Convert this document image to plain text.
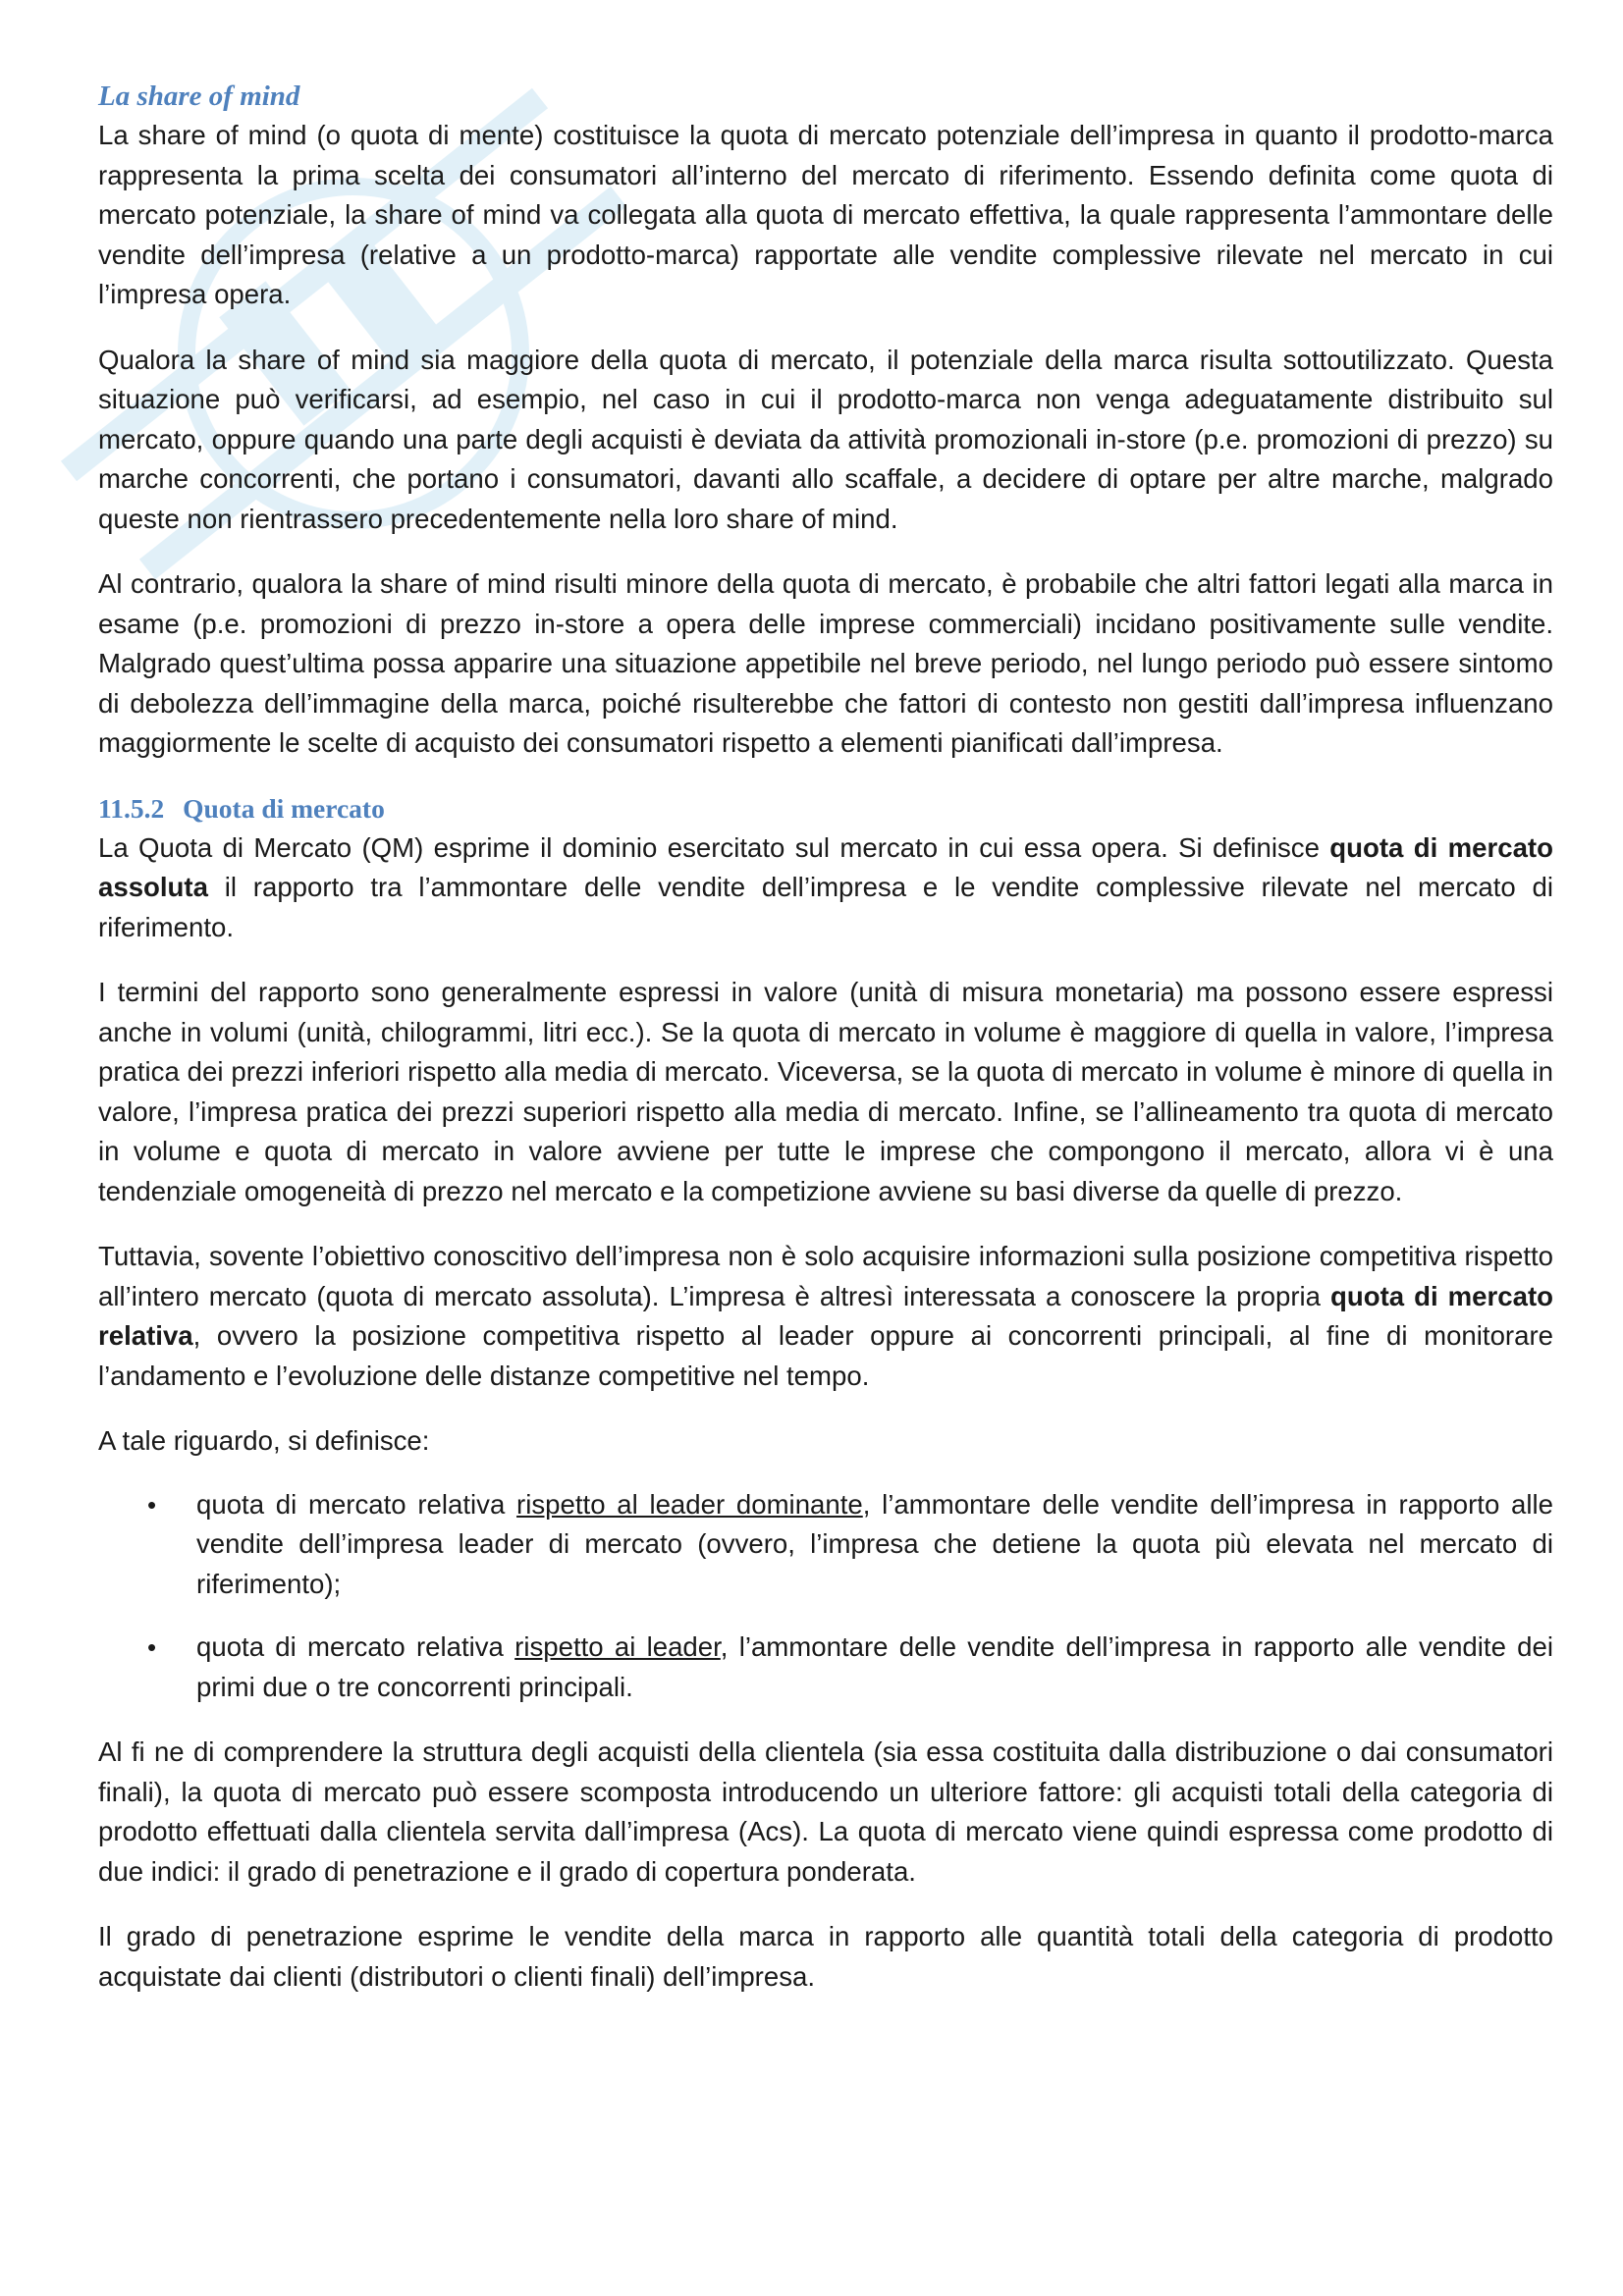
La share of mind

La share of mind (o quota di mente) costituisce la quota di mercato potenziale dell’impresa in quanto il prodotto-marca rappresenta la prima scelta dei consumatori all’interno del mercato di riferimento. Essendo definita come quota di mercato potenziale, la share of mind va collegata alla quota di mercato effettiva, la quale rappresenta l’ammontare delle vendite dell’impresa (relative a un prodotto-marca) rapportate alle vendite complessive rilevate nel mercato in cui l’impresa opera.

Qualora la share of mind sia maggiore della quota di mercato, il potenziale della marca risulta sottoutilizzato. Questa situazione può verificarsi, ad esempio, nel caso in cui il prodotto-marca non venga adeguatamente distribuito sul mercato, oppure quando una parte degli acquisti è deviata da attività promozionali in-store (p.e. promozioni di prezzo) su marche concorrenti, che portano i consumatori, davanti allo scaffale, a decidere di optare per altre marche, malgrado queste non rientrassero precedentemente nella loro share of mind.

Al contrario, qualora la share of mind risulti minore della quota di mercato, è probabile che altri fattori legati alla marca in esame (p.e. promozioni di prezzo in-store a opera delle imprese commerciali) incidano positivamente sulle vendite. Malgrado quest’ultima possa apparire una situazione appetibile nel breve periodo, nel lungo periodo può essere sintomo di debolezza dell’immagine della marca, poiché risulterebbe che fattori di contesto non gestiti dall’impresa influenzano maggiormente le scelte di acquisto dei consumatori rispetto a elementi pianificati dall’impresa.

11.5.2 Quota di mercato

La Quota di Mercato (QM) esprime il dominio esercitato sul mercato in cui essa opera. Si definisce quota di mercato assoluta il rapporto tra l’ammontare delle vendite dell’impresa e le vendite complessive rilevate nel mercato di riferimento.

I termini del rapporto sono generalmente espressi in valore (unità di misura monetaria) ma possono essere espressi anche in volumi (unità, chilogrammi, litri ecc.). Se la quota di mercato in volume è maggiore di quella in valore, l’impresa pratica dei prezzi inferiori rispetto alla media di mercato. Viceversa, se la quota di mercato in volume è minore di quella in valore, l’impresa pratica dei prezzi superiori rispetto alla media di mercato. Infine, se l’allineamento tra quota di mercato in volume e quota di mercato in valore avviene per tutte le imprese che compongono il mercato, allora vi è una tendenziale omogeneità di prezzo nel mercato e la competizione avviene su basi diverse da quelle di prezzo.

Tuttavia, sovente l’obiettivo conoscitivo dell’impresa non è solo acquisire informazioni sulla posizione competitiva rispetto all’intero mercato (quota di mercato assoluta). L’impresa è altresì interessata a conoscere la propria quota di mercato relativa, ovvero la posizione competitiva rispetto al leader oppure ai concorrenti principali, al fine di monitorare l’andamento e l’evoluzione delle distanze competitive nel tempo.

A tale riguardo, si definisce:

• quota di mercato relativa rispetto al leader dominante, l’ammontare delle vendite dell’impresa in rapporto alle vendite dell’impresa leader di mercato (ovvero, l’impresa che detiene la quota più elevata nel mercato di riferimento);
• quota di mercato relativa rispetto ai leader, l’ammontare delle vendite dell’impresa in rapporto alle vendite dei primi due o tre concorrenti principali.

Al fi ne di comprendere la struttura degli acquisti della clientela (sia essa costituita dalla distribuzione o dai consumatori finali), la quota di mercato può essere scomposta introducendo un ulteriore fattore: gli acquisti totali della categoria di prodotto effettuati dalla clientela servita dall’impresa (Acs). La quota di mercato viene quindi espressa come prodotto di due indici: il grado di penetrazione e il grado di copertura ponderata.

Il grado di penetrazione esprime le vendite della marca in rapporto alle quantità totali della categoria di prodotto acquistate dai clienti (distributori o clienti finali) dell’impresa.
